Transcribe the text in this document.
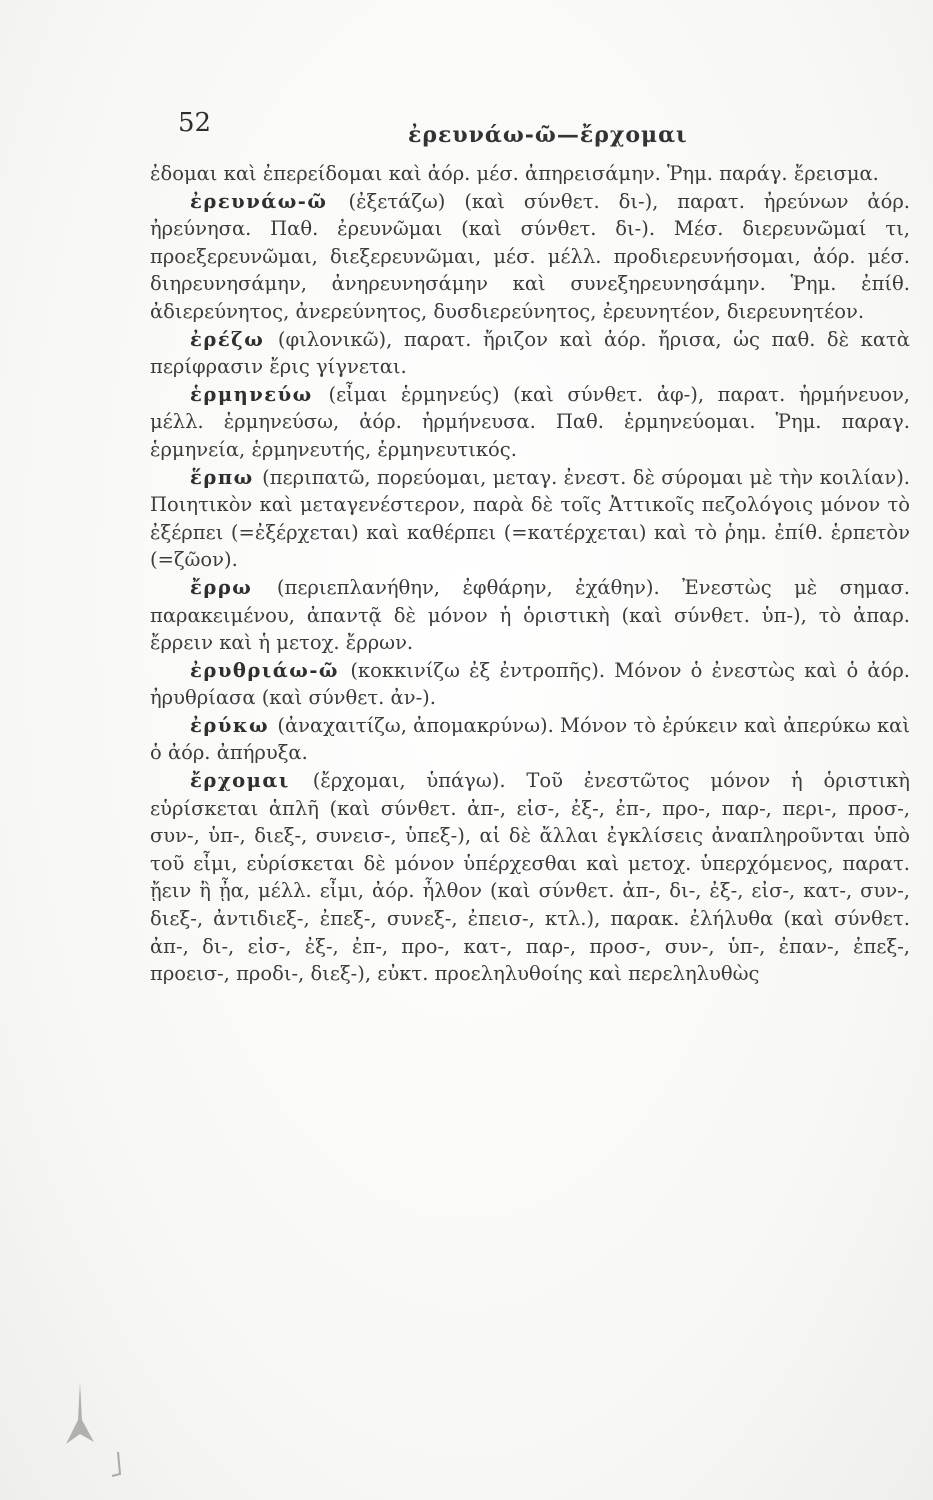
52	ἐρευνάω-ῶ—ἔρχομαι

ἐδομαι καὶ ἐπερείδομαι καὶ ἀόρ. μέσ. ἀπηρεισάμην. Ῥημ. παράγ. ἔρεισμα.

ἐρευνάω-ῶ (ἐξετάζω) (καὶ σύνθετ. δι-), παρατ. ἠρεύνων ἀόρ. ἠρεύνησα. Παθ. ἐρευνῶμαι (καὶ σύνθετ. δι-). Μέσ. διερευνῶμαί τι, προεξερευνῶμαι, διεξερευνῶμαι, μέσ. μέλλ. προδιερευνήσομαι, ἀόρ. μέσ. διηρευνησάμην, ἀνηρευνησάμην καὶ συνεξηρευνησάμην. Ῥημ. ἐπίθ. ἀδιερεύνητος, ἀνερεύνητος, δυσδιερεύνητος, ἐρευνητέον, διερευνητέον.

ἐρέζω (φιλονικῶ), παρατ. ἤριζον καὶ ἀόρ. ἤρισα, ὡς παθ. δὲ κατὰ περίφρασιν ἔρις γίγνεται.

ἑρμηνεύω (εἶμαι ἑρμηνεύς) (καὶ σύνθετ. ἀφ-), παρατ. ἡρμήνευον, μέλλ. ἑρμηνεύσω, ἀόρ. ἡρμήνευσα. Παθ. ἑρμηνεύομαι. Ῥημ. παραγ. ἑρμηνεία, ἑρμηνευτής, ἑρμηνευτικός.

ἕρπω (περιπατῶ, πορεύομαι, μεταγ. ἐνεστ. δὲ σύρομαι μὲ τὴν κοιλίαν). Ποιητικὸν καὶ μεταγενέστερον, παρὰ δὲ τοῖς Ἀττικοῖς πεζολόγοις μόνον τὸ ἐξέρπει (=ἐξέρχεται) καὶ καθέρπει (=κατέρχεται) καὶ τὸ ῥημ. ἐπίθ. ἑρπετὸν (=ζῶον).

ἔρρω (περιεπλανήθην, ἐφθάρην, ἐχάθην). Ἐνεστὼς μὲ σημασ. παρακειμένου, ἀπαντᾷ δὲ μόνον ἡ ὁριστικὴ (καὶ σύνθετ. ὑπ-), τὸ ἀπαρ. ἔρρειν καὶ ἡ μετοχ. ἔρρων.

ἐρυθριάω-ῶ (κοκκινίζω ἐξ ἐντροπῆς). Μόνον ὁ ἐνεστὼς καὶ ὁ ἀόρ. ἠρυθρίασα (καὶ σύνθετ. ἀν-).

ἐρύκω (ἀναχαιτίζω, ἀπομακρύνω). Μόνον τὸ ἐρύκειν καὶ ἀπερύκω καὶ ὁ ἀόρ. ἀπήρυξα.

ἔρχομαι (ἔρχομαι, ὑπάγω). Τοῦ ἐνεστῶτος μόνον ἡ ὁριστικὴ εὑρίσκεται ἁπλῆ (καὶ σύνθετ. ἀπ-, εἰσ-, ἐξ-, ἐπ-, προ-, παρ-, περι-, προσ-, συν-, ὑπ-, διεξ-, συνεισ-, ὑπεξ-), αἱ δὲ ἄλλαι ἐγκλίσεις ἀναπληροῦνται ὑπὸ τοῦ εἶμι, εὑρίσκεται δὲ μόνον ὑπέρχεσθαι καὶ μετοχ. ὑπερχόμενος, παρατ. ᾔειν ἢ ᾖα, μέλλ. εἶμι, ἀόρ. ἦλθον (καὶ σύνθετ. ἀπ-, δι-, ἐξ-, εἰσ-, κατ-, συν-, διεξ-, ἀντιδιεξ-, ἐπεξ-, συνεξ-, ἐπεισ-, κτλ.), παρακ. ἐλήλυθα (καὶ σύνθετ. ἀπ-, δι-, εἰσ-, ἐξ-, ἐπ-, προ-, κατ-, παρ-, προσ-, συν-, ὑπ-, ἐπαν-, ἐπεξ-, προεισ-, προδι-, διεξ-), εὐκτ. προεληλυθοίης καὶ περεληλυθὼς
